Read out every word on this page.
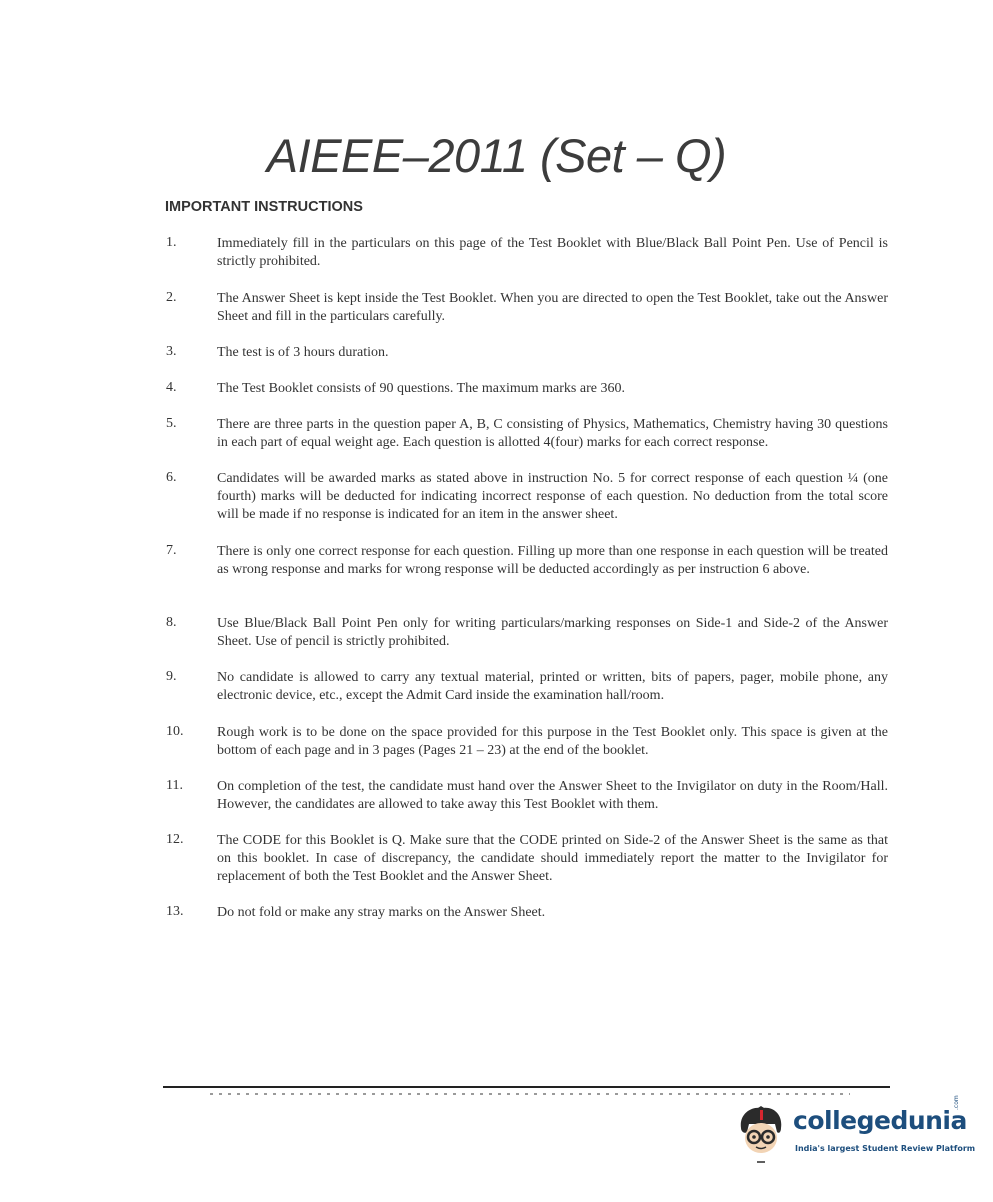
AIEEE–2011 (Set – Q)
IMPORTANT INSTRUCTIONS
1.	Immediately fill in the particulars on this page of the Test Booklet with Blue/Black Ball Point Pen. Use of Pencil is strictly prohibited.

2.	The Answer Sheet is kept inside the Test Booklet. When you are directed to open the Test Booklet, take out the Answer Sheet and fill in the particulars carefully.

3.	The test is of 3 hours duration.

4.	The Test Booklet consists of 90 questions. The maximum marks are 360.

5.	There are three parts in the question paper A, B, C consisting of Physics, Mathematics, Chemistry having 30 questions in each part of equal weight age. Each question is allotted 4(four) marks for each correct response.

6.	Candidates will be awarded marks as stated above in instruction No. 5 for correct response of each question ¼ (one fourth) marks will be deducted for indicating incorrect response of each question. No deduction from the total score will be made if no response is indicated for an item in the answer sheet.

7.	There is only one correct response for each question. Filling up more than one response in each question will be treated as wrong response and marks for wrong response will be deducted accordingly as per instruction 6 above.

8.	Use Blue/Black Ball Point Pen only for writing particulars/marking responses on Side-1 and Side-2 of the Answer Sheet. Use of pencil is strictly prohibited.

9.	No candidate is allowed to carry any textual material, printed or written, bits of papers, pager, mobile phone, any electronic device, etc., except the Admit Card inside the examination hall/room.

10. Rough work is to be done on the space provided for this purpose in the Test Booklet only. This space is given at the bottom of each page and in 3 pages (Pages 21 – 23) at the end of the booklet.

11. On completion of the test, the candidate must hand over the Answer Sheet to the Invigilator on duty in the Room/Hall. However, the candidates are allowed to take away this Test Booklet with them.

12. The CODE for this Booklet is Q. Make sure that the CODE printed on Side-2 of the Answer Sheet is the same as that on this booklet. In case of discrepancy, the candidate should immediately report the matter to the Invigilator for replacement of both the Test Booklet and the Answer Sheet.

13. Do not fold or make any stray marks on the Answer Sheet.

collegedunia
.com
India's largest Student Review Platform
